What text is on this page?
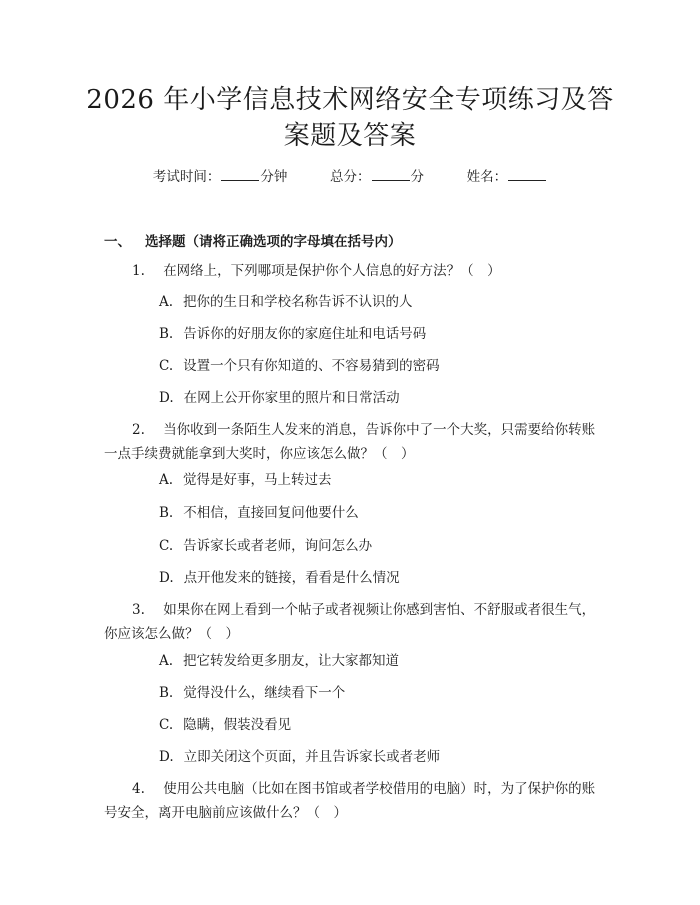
2026 年小学信息技术网络安全专项练习及答
案题及答案
考试时间：	分钟	总分：	分	姓名：
一、 选择题（请将正确选项的字母填在括号内）
1. 在网络上，下列哪项是保护你个人信息的好方法？（　）
A. 把你的生日和学校名称告诉不认识的人
B. 告诉你的好朋友你的家庭住址和电话号码
C. 设置一个只有你知道的、不容易猜到的密码
D. 在网上公开你家里的照片和日常活动
2. 当你收到一条陌生人发来的消息，告诉你中了一个大奖，只需要给你转账
一点手续费就能拿到大奖时，你应该怎么做？（　）
A. 觉得是好事，马上转过去
B. 不相信，直接回复问他要什么
C. 告诉家长或者老师，询问怎么办
D. 点开他发来的链接，看看是什么情况
3. 如果你在网上看到一个帖子或者视频让你感到害怕、不舒服或者很生气，
你应该怎么做？（　）
A. 把它转发给更多朋友，让大家都知道
B. 觉得没什么，继续看下一个
C. 隐瞒，假装没看见
D. 立即关闭这个页面，并且告诉家长或者老师
4. 使用公共电脑（比如在图书馆或者学校借用的电脑）时，为了保护你的账
号安全，离开电脑前应该做什么？（　）
